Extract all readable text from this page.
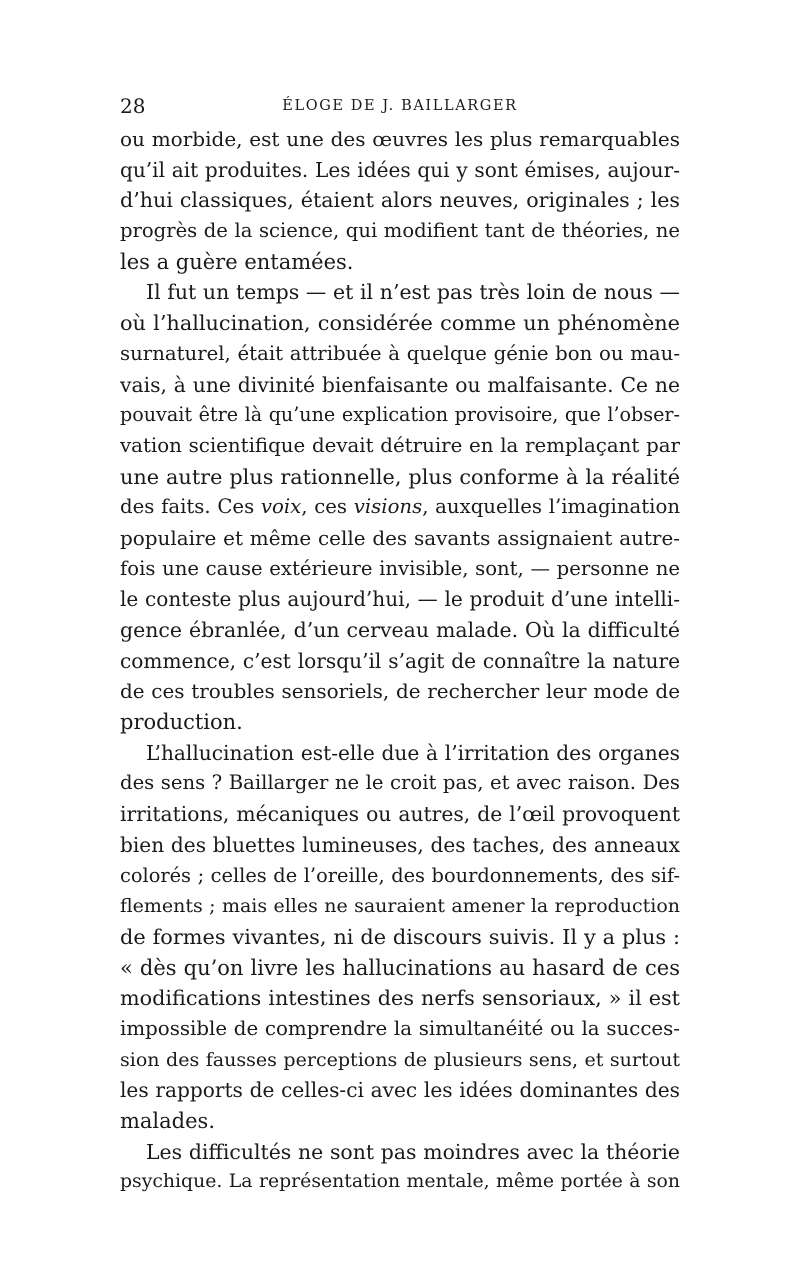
28	ÉLOGE DE J. BAILLARGER
ou morbide, est une des œuvres les plus remarquables
qu’il ait produites. Les idées qui y sont émises, aujour-
d’hui classiques, étaient alors neuves, originales ; les
progrès de la science, qui modifient tant de théories, ne
les a guère entamées.
Il fut un temps — et il n’est pas très loin de nous —
où l’hallucination, considérée comme un phénomène
surnaturel, était attribuée à quelque génie bon ou mau-
vais, à une divinité bienfaisante ou malfaisante. Ce ne
pouvait être là qu’une explication provisoire, que l’obser-
vation scientifique devait détruire en la remplaçant par
une autre plus rationnelle, plus conforme à la réalité
des faits. Ces voix, ces visions, auxquelles l’imagination
populaire et même celle des savants assignaient autre-
fois une cause extérieure invisible, sont, — personne ne
le conteste plus aujourd’hui, — le produit d’une intelli-
gence ébranlée, d’un cerveau malade. Où la difficulté
commence, c’est lorsqu’il s’agit de connaître la nature
de ces troubles sensoriels, de rechercher leur mode de
production.
L’hallucination est-elle due à l’irritation des organes
des sens ? Baillarger ne le croit pas, et avec raison. Des
irritations, mécaniques ou autres, de l’œil provoquent
bien des bluettes lumineuses, des taches, des anneaux
colorés ; celles de l’oreille, des bourdonnements, des sif-
flements ; mais elles ne sauraient amener la reproduction
de formes vivantes, ni de discours suivis. Il y a plus :
« dès qu’on livre les hallucinations au hasard de ces
modifications intestines des nerfs sensoriaux, » il est
impossible de comprendre la simultanéité ou la succes-
sion des fausses perceptions de plusieurs sens, et surtout
les rapports de celles-ci avec les idées dominantes des
malades.
Les difficultés ne sont pas moindres avec la théorie
psychique. La représentation mentale, même portée à son
